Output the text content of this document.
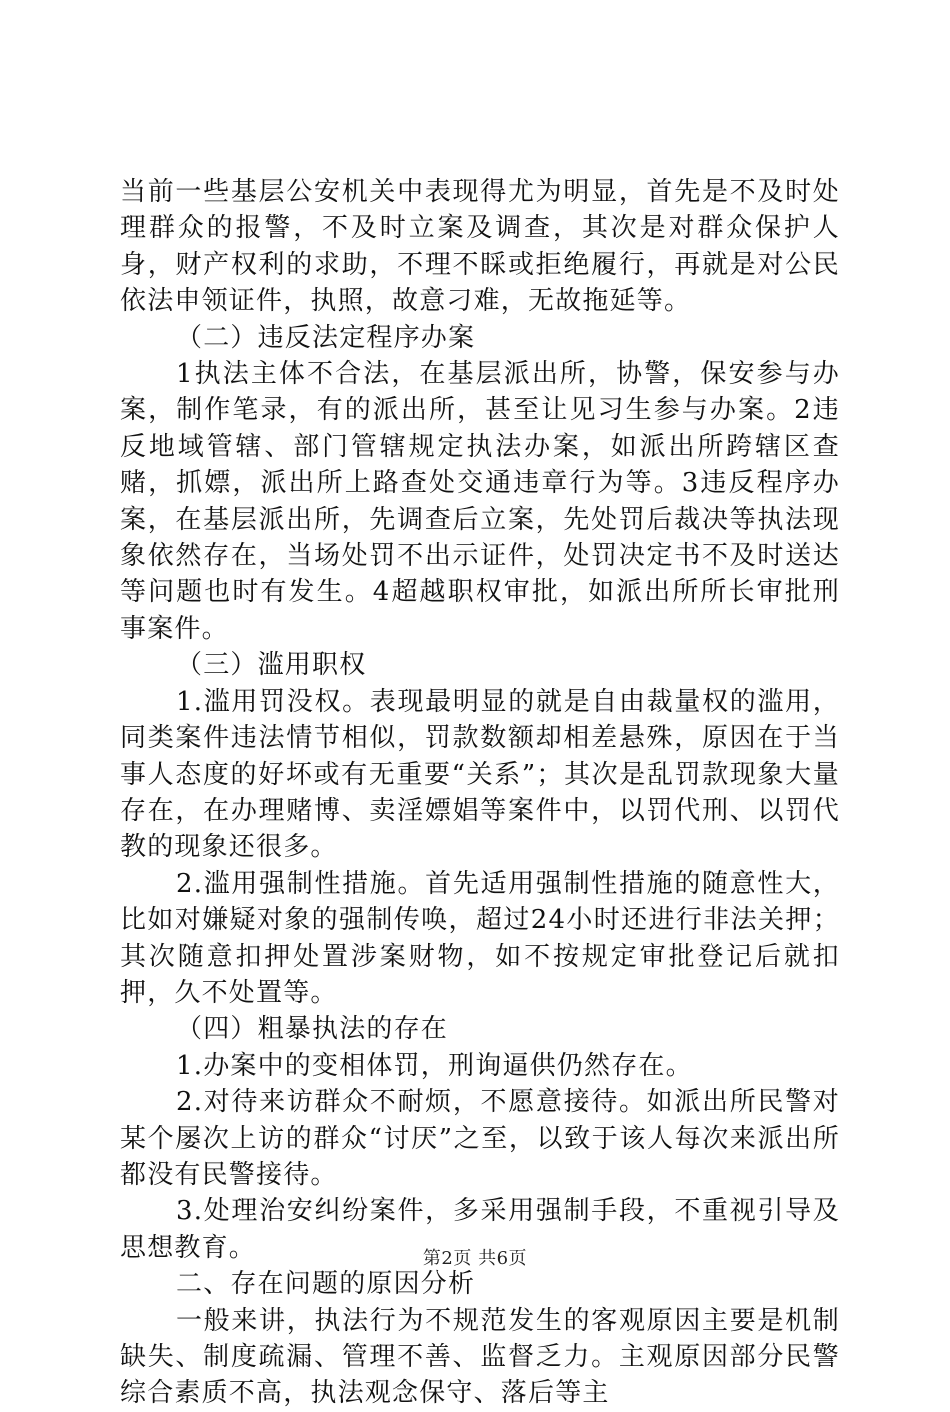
当前一些基层公安机关中表现得尤为明显，首先是不及时处理群众的报警，不及时立案及调查，其次是对群众保护人身，财产权利的求助，不理不睬或拒绝履行，再就是对公民依法申领证件，执照，故意刁难，无故拖延等。

（二）违反法定程序办案

1执法主体不合法，在基层派出所，协警，保安参与办案，制作笔录，有的派出所，甚至让见习生参与办案。2违反地域管辖、部门管辖规定执法办案，如派出所跨辖区查赌，抓嫖，派出所上路查处交通违章行为等。3违反程序办案，在基层派出所，先调查后立案，先处罚后裁决等执法现象依然存在，当场处罚不出示证件，处罚决定书不及时送达等问题也时有发生。4超越职权审批，如派出所所长审批刑事案件。

（三）滥用职权

1.滥用罚没权。表现最明显的就是自由裁量权的滥用，同类案件违法情节相似，罚款数额却相差悬殊，原因在于当事人态度的好坏或有无重要“关系”；其次是乱罚款现象大量存在，在办理赌博、卖淫嫖娼等案件中，以罚代刑、以罚代教的现象还很多。

2.滥用强制性措施。首先适用强制性措施的随意性大，比如对嫌疑对象的强制传唤，超过24小时还进行非法关押；其次随意扣押处置涉案财物，如不按规定审批登记后就扣押，久不处置等。

（四）粗暴执法的存在

1.办案中的变相体罚，刑询逼供仍然存在。

2.对待来访群众不耐烦，不愿意接待。如派出所民警对某个屡次上访的群众“讨厌”之至，以致于该人每次来派出所都没有民警接待。

3.处理治安纠纷案件，多采用强制手段，不重视引导及思想教育。

二、存在问题的原因分析

一般来讲，执法行为不规范发生的客观原因主要是机制缺失、制度疏漏、管理不善、监督乏力。主观原因部分民警综合素质不高，执法观念保守、落后等主

第2页 共6页
